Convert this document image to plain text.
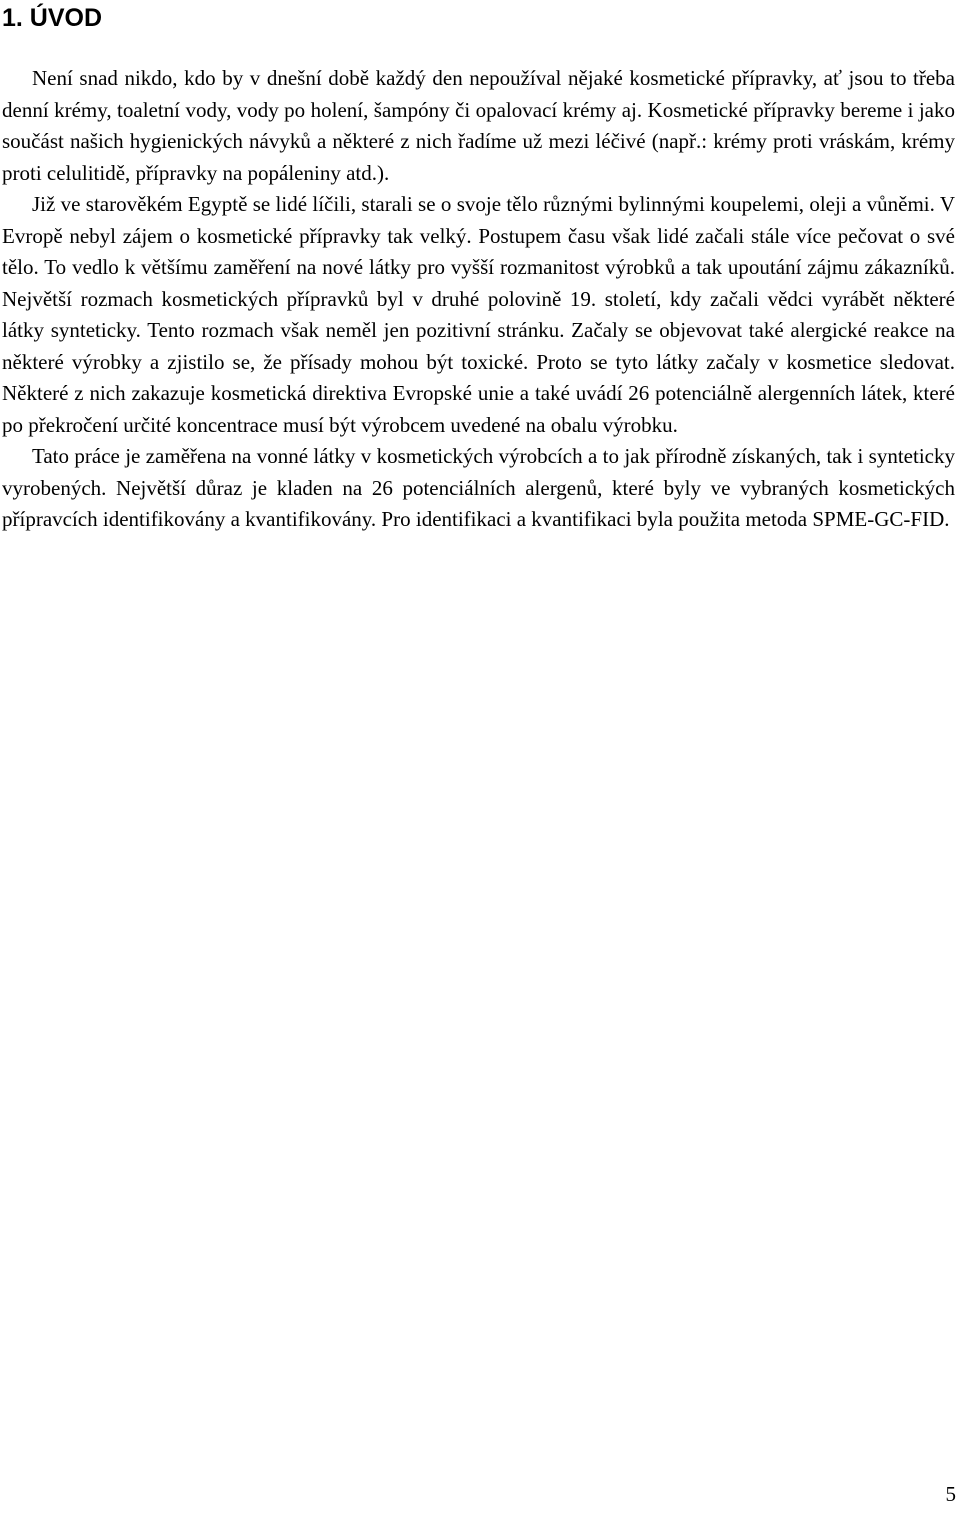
1. ÚVOD

Není snad nikdo, kdo by v dnešní době každý den nepoužíval nějaké kosmetické přípravky, ať jsou to třeba denní krémy, toaletní vody, vody po holení, šampóny či opalovací krémy aj. Kosmetické přípravky bereme i jako součást našich hygienických návyků a některé z nich řadíme už mezi léčivé (např.: krémy proti vráskám, krémy proti celulitidě, přípravky na popáleniny atd.).

Již ve starověkém Egyptě se lidé líčili, starali se o svoje tělo různými bylinnými koupelemi, oleji a vůněmi. V Evropě nebyl zájem o kosmetické přípravky tak velký. Postupem času však lidé začali stále více pečovat o své tělo. To vedlo k většímu zaměření na nové látky pro vyšší rozmanitost výrobků a tak upoutání zájmu zákazníků. Největší rozmach kosmetických přípravků byl v druhé polovině 19. století, kdy začali vědci vyrábět některé látky synteticky. Tento rozmach však neměl jen pozitivní stránku. Začaly se objevovat také alergické reakce na některé výrobky a zjistilo se, že přísady mohou být toxické. Proto se tyto látky začaly v kosmetice sledovat. Některé z nich zakazuje kosmetická direktiva Evropské unie a také uvádí 26 potenciálně alergenních látek, které po překročení určité koncentrace musí být výrobcem uvedené na obalu výrobku.

Tato práce je zaměřena na vonné látky v kosmetických výrobcích a to jak přírodně získaných, tak i synteticky vyrobených. Největší důraz je kladen na 26 potenciálních alergenů, které byly ve vybraných kosmetických přípravcích identifikovány a kvantifikovány. Pro identifikaci a kvantifikaci byla použita metoda SPME-GC-FID.

5
